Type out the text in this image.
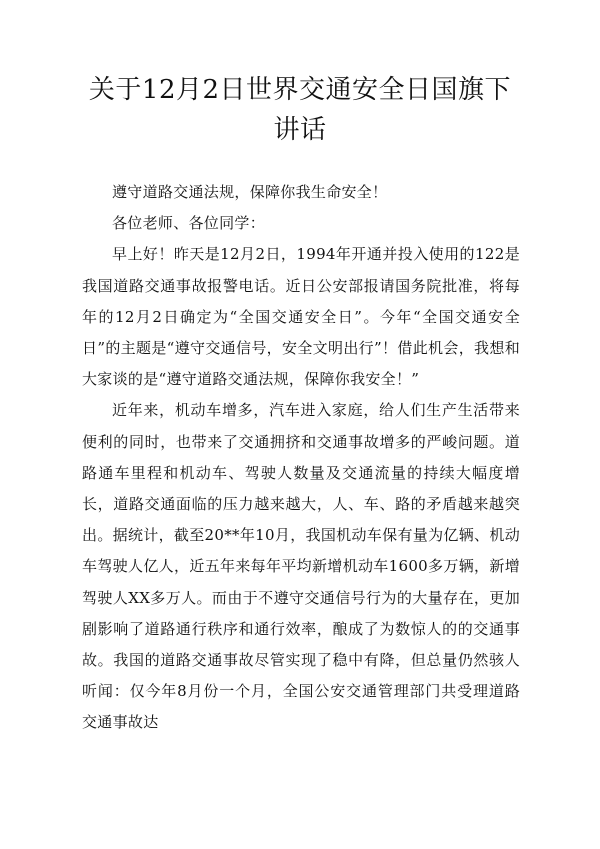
关于12月2日世界交通安全日国旗下讲话

遵守道路交通法规，保障你我生命安全！

各位老师、各位同学：

早上好！昨天是12月2日，1994年开通并投入使用的122是我国道路交通事故报警电话。近日公安部报请国务院批准，将每年的12月2日确定为“全国交通安全日”。今年“全国交通安全日”的主题是“遵守交通信号，安全文明出行”！借此机会，我想和大家谈的是“遵守道路交通法规，保障你我安全！”

近年来，机动车增多，汽车进入家庭，给人们生产生活带来便利的同时，也带来了交通拥挤和交通事故增多的严峻问题。道路通车里程和机动车、驾驶人数量及交通流量的持续大幅度增长，道路交通面临的压力越来越大，人、车、路的矛盾越来越突出。据统计，截至20**年10月，我国机动车保有量为亿辆、机动车驾驶人亿人，近五年来每年平均新增机动车1600多万辆，新增驾驶人XX多万人。而由于不遵守交通信号行为的大量存在，更加剧影响了道路通行秩序和通行效率，酿成了为数惊人的的交通事故。我国的道路交通事故尽管实现了稳中有降，但总量仍然骇人听闻：仅今年8月份一个月，全国公安交通管理部门共受理道路交通事故达
